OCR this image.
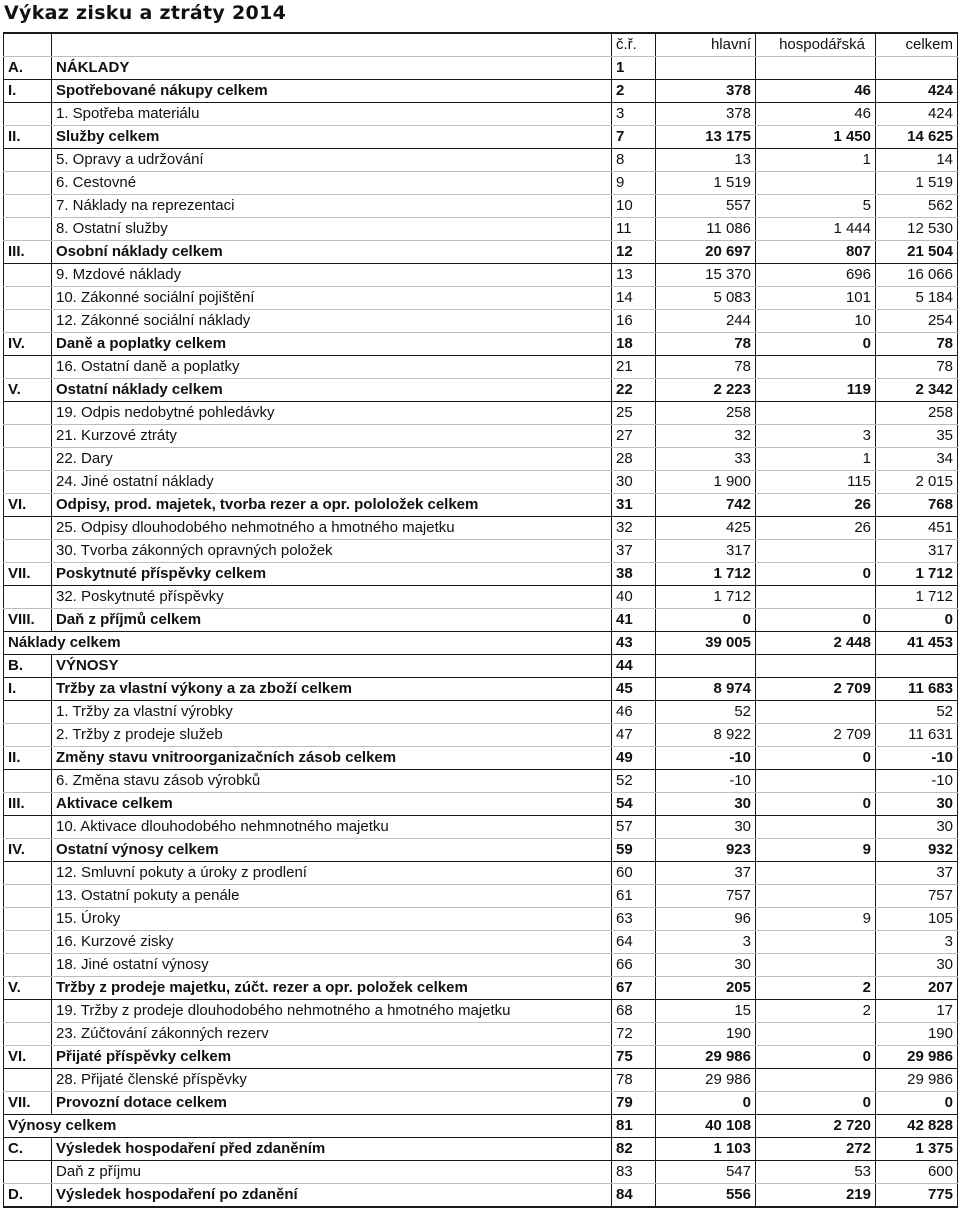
Výkaz zisku a ztráty 2014
		č.ř.	hlavní	hospodářská	celkem
A.	NÁKLADY	1			
I.	Spotřebované nákupy celkem	2	378	46	424
	1. Spotřeba materiálu	3	378	46	424
II.	Služby celkem	7	13 175	1 450	14 625
	5. Opravy a udržování	8	13	1	14
	6. Cestovné	9	1 519		1 519
	7. Náklady na reprezentaci	10	557	5	562
	8. Ostatní služby	11	11 086	1 444	12 530
III.	Osobní náklady celkem	12	20 697	807	21 504
	9. Mzdové náklady	13	15 370	696	16 066
	10. Zákonné sociální pojištění	14	5 083	101	5 184
	12. Zákonné sociální náklady	16	244	10	254
IV.	Daně a poplatky celkem	18	78	0	78
	16. Ostatní daně a poplatky	21	78		78
V.	Ostatní náklady celkem	22	2 223	119	2 342
	19. Odpis nedobytné pohledávky	25	258		258
	21. Kurzové ztráty	27	32	3	35
	22. Dary	28	33	1	34
	24. Jiné ostatní náklady	30	1 900	115	2 015
VI.	Odpisy, prod. majetek, tvorba rezer a opr. pololožek celkem	31	742	26	768
	25. Odpisy dlouhodobého nehmotného a hmotného majetku	32	425	26	451
	30. Tvorba zákonných opravných položek	37	317		317
VII.	Poskytnuté příspěvky celkem	38	1 712	0	1 712
	32. Poskytnuté příspěvky	40	1 712		1 712
VIII.	Daň z příjmů celkem	41	0	0	0
Náklady celkem		43	39 005	2 448	41 453
B.	VÝNOSY	44			
I.	Tržby za vlastní výkony a za zboží celkem	45	8 974	2 709	11 683
	1. Tržby za vlastní výrobky	46	52		52
	2. Tržby z prodeje služeb	47	8 922	2 709	11 631
II.	Změny stavu vnitroorganizačních zásob celkem	49	-10	0	-10
	6. Změna stavu zásob výrobků	52	-10		-10
III.	Aktivace celkem	54	30	0	30
	10. Aktivace dlouhodobého nehmnotného majetku	57	30		30
IV.	Ostatní výnosy celkem	59	923	9	932
	12. Smluvní pokuty a úroky z prodlení	60	37		37
	13. Ostatní pokuty a penále	61	757		757
	15. Úroky	63	96	9	105
	16. Kurzové zisky	64	3		3
	18. Jiné ostatní výnosy	66	30		30
V.	Tržby z prodeje majetku, zúčt. rezer a opr. položek celkem	67	205	2	207
	19. Tržby z prodeje dlouhodobého nehmotného a hmotného majetku	68	15	2	17
	23. Zúčtování zákonných rezerv	72	190		190
VI.	Přijaté příspěvky celkem	75	29 986	0	29 986
	28. Přijaté členské příspěvky	78	29 986		29 986
VII.	Provozní dotace celkem	79	0	0	0
Výnosy celkem		81	40 108	2 720	42 828
C.	Výsledek hospodaření před zdaněním	82	1 103	272	1 375
	Daň z příjmu	83	547	53	600
D.	Výsledek hospodaření po zdanění	84	556	219	775
